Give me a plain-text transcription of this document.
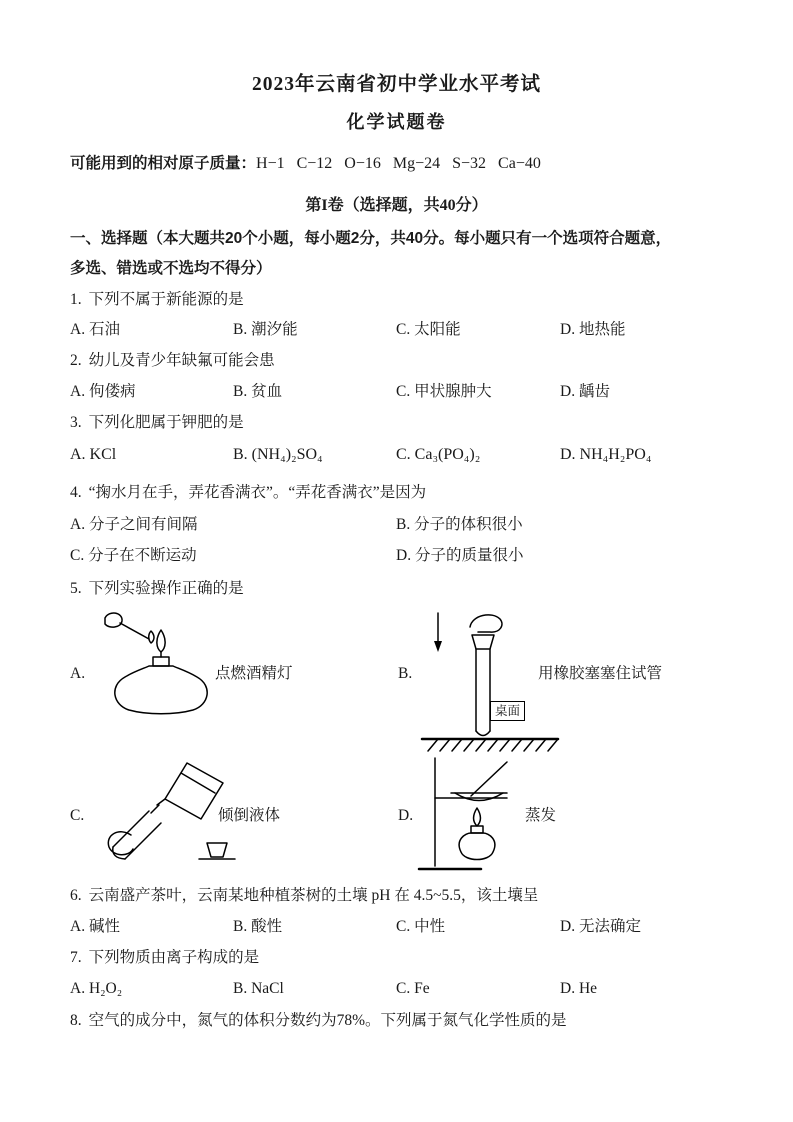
2023年云南省初中学业水平考试
化学试题卷
可能用到的相对原子质量：H−1   C−12   O−16   Mg−24   S−32   Ca−40
第I卷（选择题，共40分）
一、选择题（本大题共20个小题，每小题2分，共40分。每小题只有一个选项符合题意，
多选、错选或不选均不得分）
1. 下列不属于新能源的是
A. 石油	B. 潮汐能	C. 太阳能	D. 地热能
2. 幼儿及青少年缺氟可能会患
A. 佝偻病	B. 贫血	C. 甲状腺肿大	D. 龋齿
3. 下列化肥属于钾肥的是
A. KCl	B. (NH₄)₂SO₄	C. Ca₃(PO₄)₂	D. NH₄H₂PO₄
4. “掬水月在手，弄花香满衣”。“弄花香满衣”是因为
A. 分子之间有间隔	B. 分子的体积很小
C. 分子在不断运动	D. 分子的质量很小
5. 下列实验操作正确的是
A.	点燃酒精灯	B.	用橡胶塞塞住试管
桌面
C.	倾倒液体	D.	蒸发
6. 云南盛产茶叶，云南某地种植茶树的土壤 pH 在 4.5~5.5，该土壤呈
A. 碱性	B. 酸性	C. 中性	D. 无法确定
7. 下列物质由离子构成的是
A. H₂O₂	B. NaCl	C. Fe	D. He
8. 空气的成分中，氮气的体积分数约为78%。下列属于氮气化学性质的是
